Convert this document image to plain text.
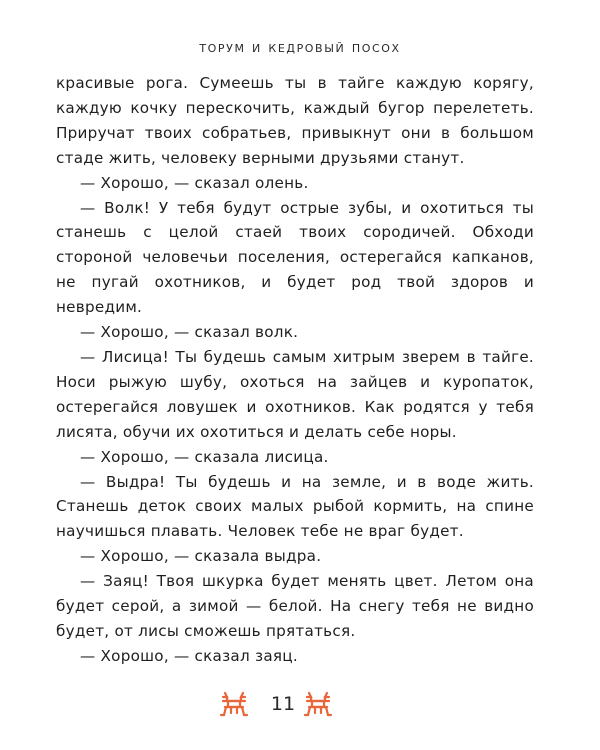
торум и кедровый посох

красивые рога. Сумеешь ты в тайге каждую корягу, каждую кочку перескочить, каждый бугор перелететь. Приручат твоих собратьев, привыкнут они в большом стаде жить, человеку верными друзьями станут.

— Хорошо, — сказал олень.

— Волк! У тебя будут острые зубы, и охотиться ты станешь с целой стаей твоих сородичей. Обходи стороной человечьи поселения, остерегайся капканов, не пугай охотников, и будет род твой здоров и невредим.

— Хорошо, — сказал волк.

— Лисица! Ты будешь самым хитрым зверем в тайге. Носи рыжую шубу, охоться на зайцев и куропаток, остерегайся ловушек и охотников. Как родятся у тебя лисята, обучи их охотиться и делать себе норы.

— Хорошо, — сказала лисица.

— Выдра! Ты будешь и на земле, и в воде жить. Станешь деток своих малых рыбой кормить, на спине научишься плавать. Человек тебе не враг будет.

— Хорошо, — сказала выдра.

— Заяц! Твоя шкурка будет менять цвет. Летом она будет серой, а зимой — белой. На снегу тебя не видно будет, от лисы сможешь прятаться.

— Хорошо, — сказал заяц.

11
